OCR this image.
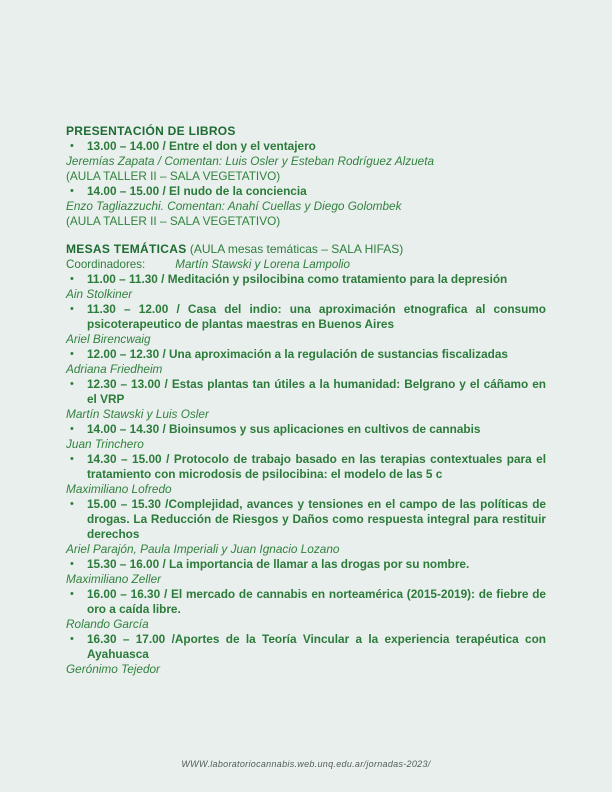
PRESENTACIÓN DE LIBROS

• 13.00 – 14.00 / Entre el don y el ventajero

Jeremías Zapata / Comentan: Luis Osler y Esteban Rodríguez Alzueta

(AULA TALLER II – SALA VEGETATIVO)

• 14.00 – 15.00 / El nudo de la conciencia

Enzo Tagliazzuchi. Comentan: Anahí Cuellas y Diego Golombek

(AULA TALLER II – SALA VEGETATIVO)

MESAS TEMÁTICAS (AULA mesas temáticas – SALA HIFAS)

Coordinadores:	Martín Stawski y Lorena Lampolio

• 11.00 – 11.30 / Meditación y psilocibina como tratamiento para la depresión

Ain Stolkiner

• 11.30 – 12.00 / Casa del indio: una aproximación etnografica al consumo psicoterapeutico de plantas maestras en Buenos Aires

Ariel Birencwaig

• 12.00 – 12.30 / Una aproximación a la regulación de sustancias fiscalizadas

Adriana Friedheim

• 12.30 – 13.00 / Estas plantas tan útiles a la humanidad: Belgrano y el cáñamo en el VRP

Martín Stawski y Luis Osler

• 14.00 – 14.30 / Bioinsumos y sus aplicaciones en cultivos de cannabis

Juan Trinchero

• 14.30 – 15.00 / Protocolo de trabajo basado en las terapias contextuales para el tratamiento con microdosis de psilocibina: el modelo de las 5 c

Maximiliano Lofredo

• 15.00 – 15.30 /Complejidad, avances y tensiones en el campo de las políticas de drogas. La Reducción de Riesgos y Daños como respuesta integral para restituir derechos

Ariel Parajón, Paula Imperiali y Juan Ignacio Lozano

• 15.30 – 16.00 / La importancia de llamar a las drogas por su nombre.

Maximiliano Zeller

• 16.00 – 16.30 / El mercado de cannabis en norteamérica (2015-2019): de fiebre de oro a caída libre.

Rolando García

• 16.30 – 17.00 /Aportes de la Teoría Vincular a la experiencia terapéutica con Ayahuasca

Gerónimo Tejedor

WWW.laboratoriocannabis.web.unq.edu.ar/jornadas-2023/
